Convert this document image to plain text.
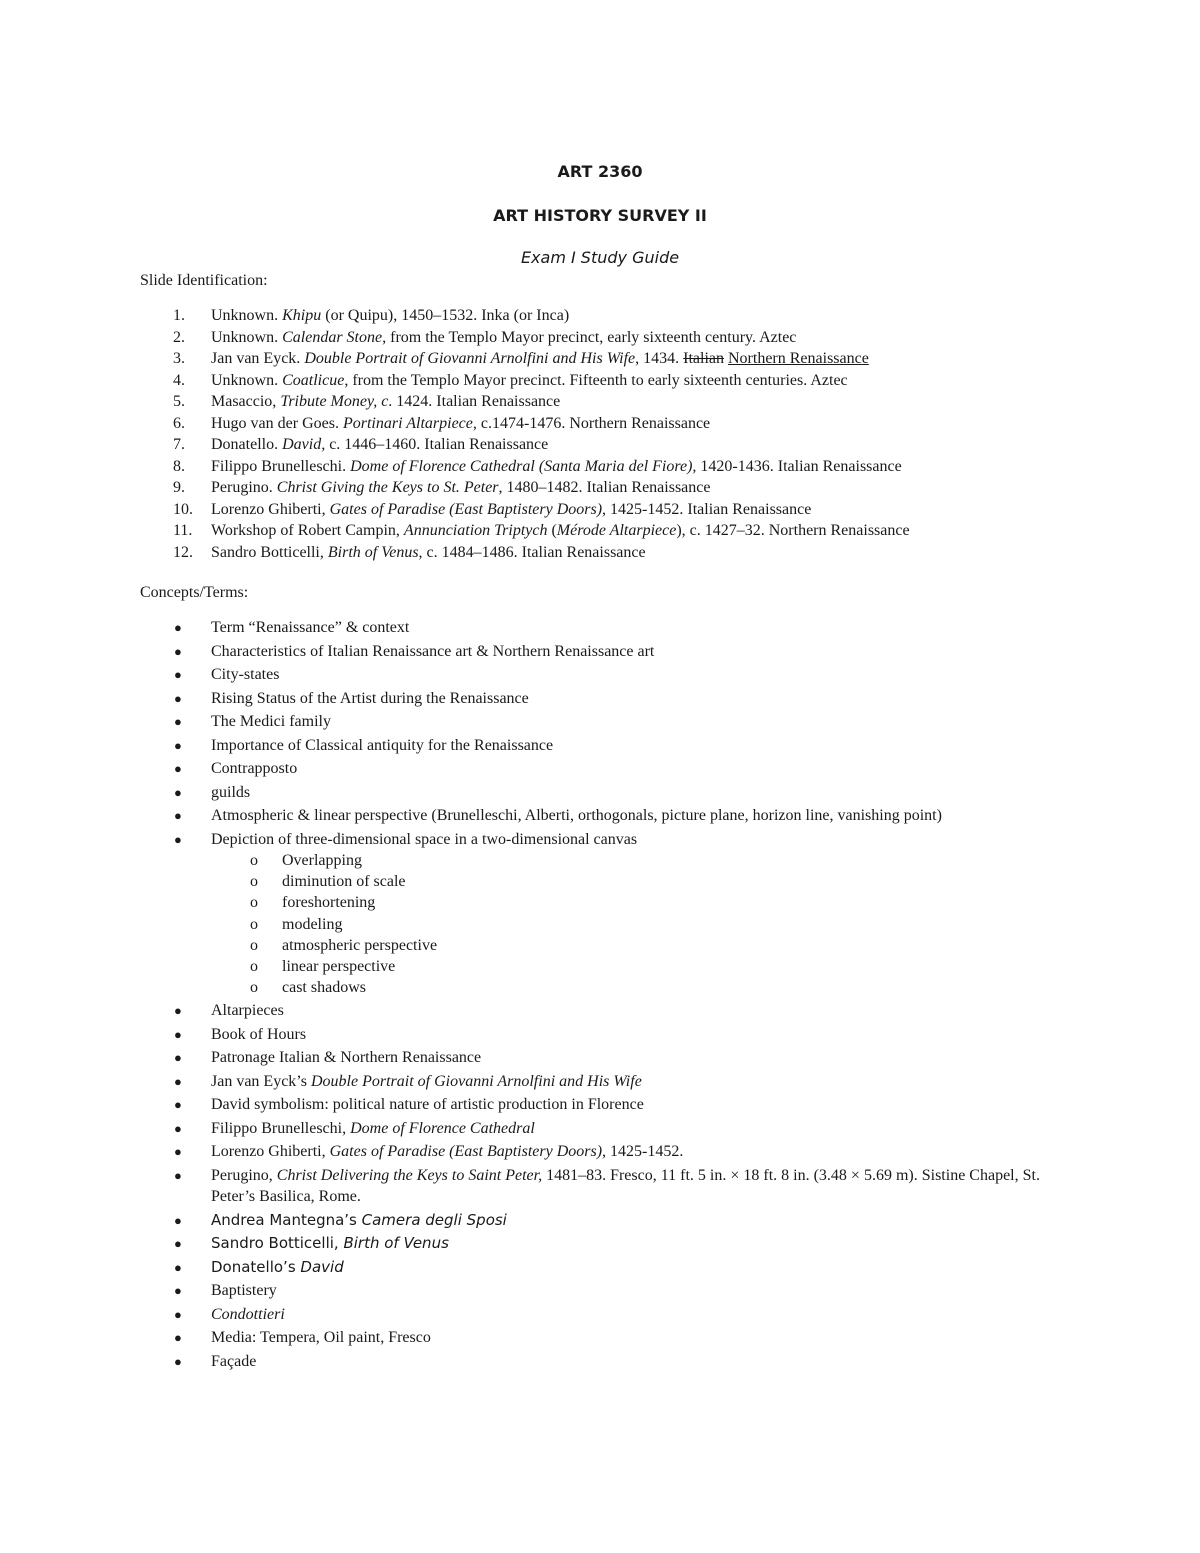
ART 2360
ART HISTORY SURVEY II
Exam I Study Guide
Slide Identification:
1.	Unknown. Khipu (or Quipu), 1450–1532. Inka (or Inca)
2.	Unknown. Calendar Stone, from the Templo Mayor precinct, early sixteenth century. Aztec
3.	Jan van Eyck. Double Portrait of Giovanni Arnolfini and His Wife, 1434. Italian Northern Renaissance
4.	Unknown. Coatlicue, from the Templo Mayor precinct. Fifteenth to early sixteenth centuries. Aztec
5.	Masaccio, Tribute Money, c. 1424. Italian Renaissance
6.	Hugo van der Goes. Portinari Altarpiece, c.1474-1476. Northern Renaissance
7.	Donatello. David, c. 1446–1460. Italian Renaissance
8.	Filippo Brunelleschi. Dome of Florence Cathedral (Santa Maria del Fiore), 1420-1436. Italian Renaissance
9.	Perugino. Christ Giving the Keys to St. Peter, 1480–1482. Italian Renaissance
10.	Lorenzo Ghiberti, Gates of Paradise (East Baptistery Doors), 1425-1452. Italian Renaissance
11.	Workshop of Robert Campin, Annunciation Triptych (Mérode Altarpiece), c. 1427–32. Northern Renaissance
12.	Sandro Botticelli, Birth of Venus, c. 1484–1486. Italian Renaissance
Concepts/Terms:
● Term “Renaissance” & context
● Characteristics of Italian Renaissance art & Northern Renaissance art
● City-states
● Rising Status of the Artist during the Renaissance
● The Medici family
● Importance of Classical antiquity for the Renaissance
● Contrapposto
● guilds
● Atmospheric & linear perspective (Brunelleschi, Alberti, orthogonals, picture plane, horizon line, vanishing point)
● Depiction of three-dimensional space in a two-dimensional canvas
o Overlapping
o diminution of scale
o foreshortening
o modeling
o atmospheric perspective
o linear perspective
o cast shadows
● Altarpieces
● Book of Hours
● Patronage Italian & Northern Renaissance
● Jan van Eyck’s Double Portrait of Giovanni Arnolfini and His Wife
● David symbolism: political nature of artistic production in Florence
● Filippo Brunelleschi, Dome of Florence Cathedral
● Lorenzo Ghiberti, Gates of Paradise (East Baptistery Doors), 1425-1452.
● Perugino, Christ Delivering the Keys to Saint Peter, 1481–83. Fresco, 11 ft. 5 in. × 18 ft. 8 in. (3.48 × 5.69 m). Sistine Chapel, St. Peter’s Basilica, Rome.
● Andrea Mantegna’s Camera degli Sposi
● Sandro Botticelli, Birth of Venus
● Donatello’s David
● Baptistery
● Condottieri
● Media: Tempera, Oil paint, Fresco
● Façade
